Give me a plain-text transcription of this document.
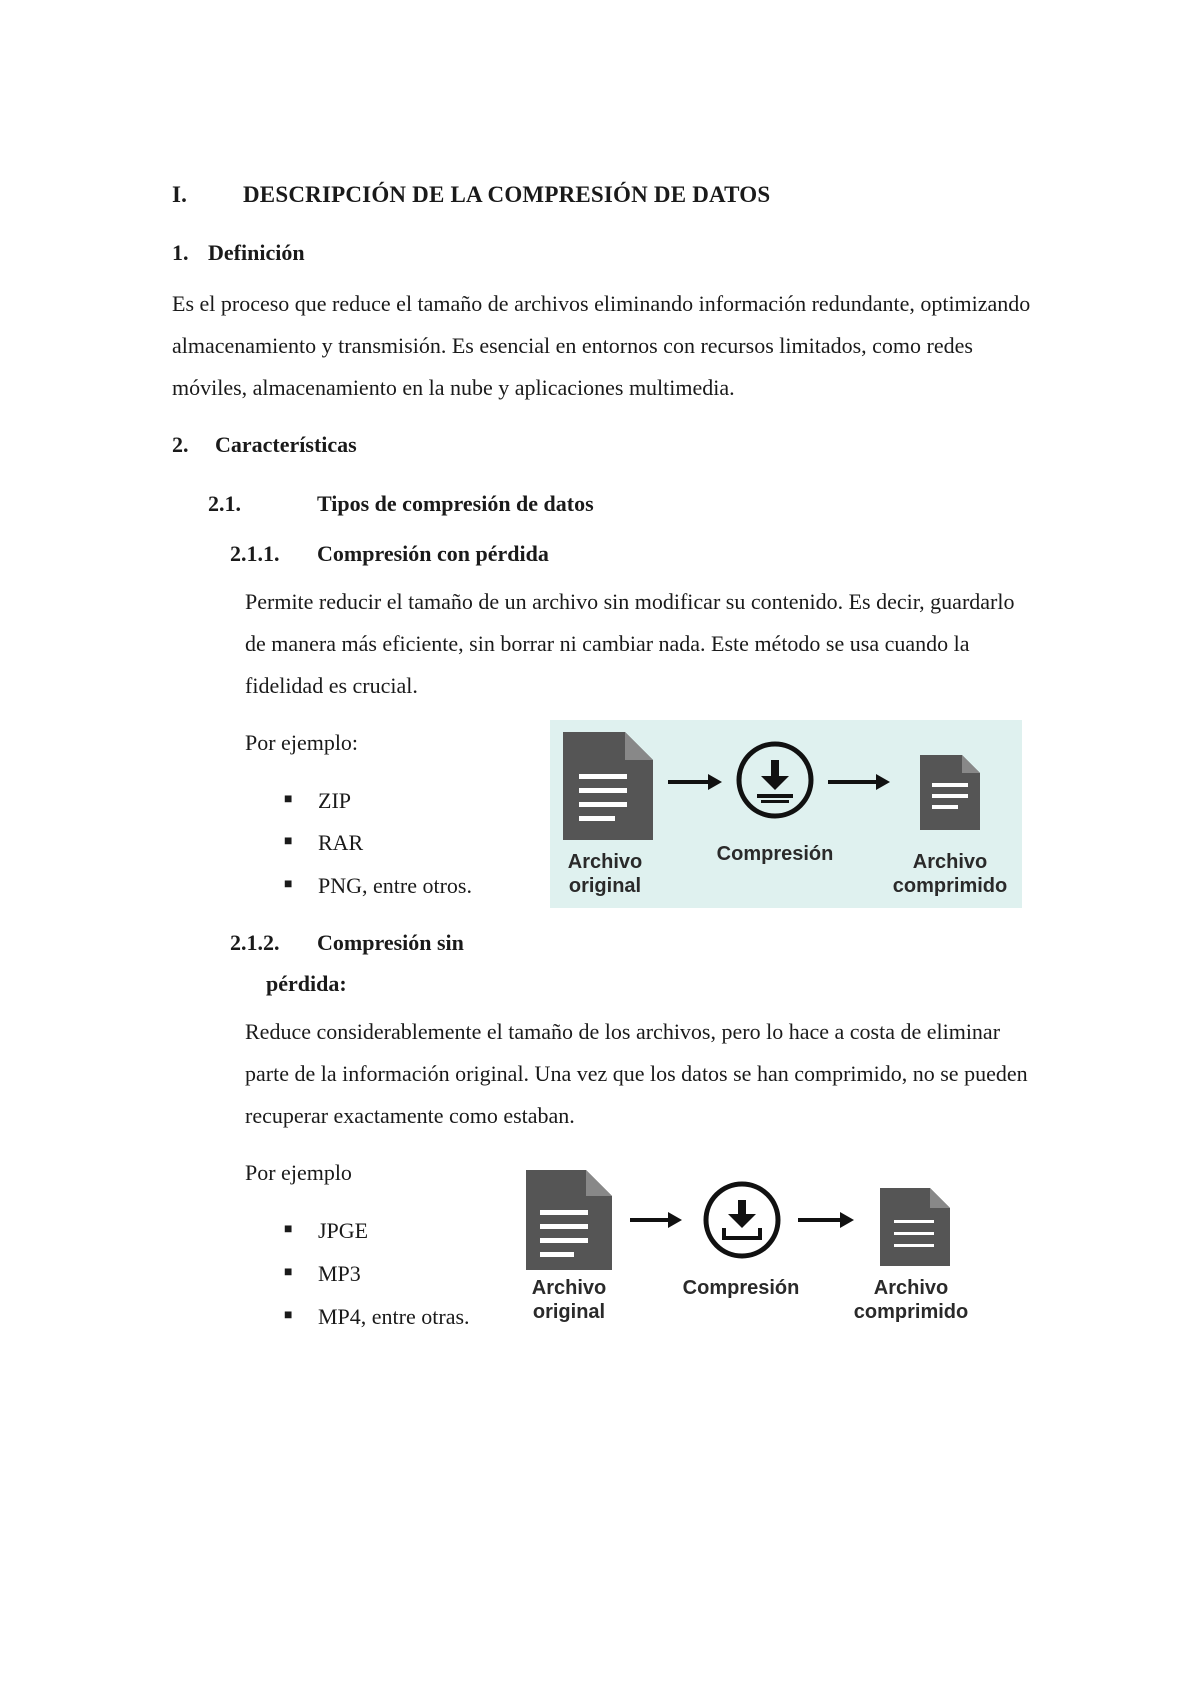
I. DESCRIPCIÓN DE LA COMPRESIÓN DE DATOS
1. Definición
Es el proceso que reduce el tamaño de archivos eliminando información redundante, optimizando almacenamiento y transmisión. Es esencial en entornos con recursos limitados, como redes móviles, almacenamiento en la nube y aplicaciones multimedia.
2. Características
2.1.	Tipos de compresión de datos
2.1.1. Compresión con pérdida
Permite reducir el tamaño de un archivo sin modificar su contenido. Es decir, guardarlo de manera más eficiente, sin borrar ni cambiar nada. Este método se usa cuando la fidelidad es crucial.
Por ejemplo:
■ ZIP
■ RAR
■ PNG, entre otros.
Archivo
original
Compresión	Archivo
comprimido
2.1.2. Compresión sin
pérdida:
Reduce considerablemente el tamaño de los archivos, pero lo hace a costa de eliminar parte de la información original. Una vez que los datos se han comprimido, no se pueden recuperar exactamente como estaban.
Por ejemplo
■ JPGE
■ MP3
■ MP4, entre otras.
Archivo
original
Compresión	Archivo
comprimido
